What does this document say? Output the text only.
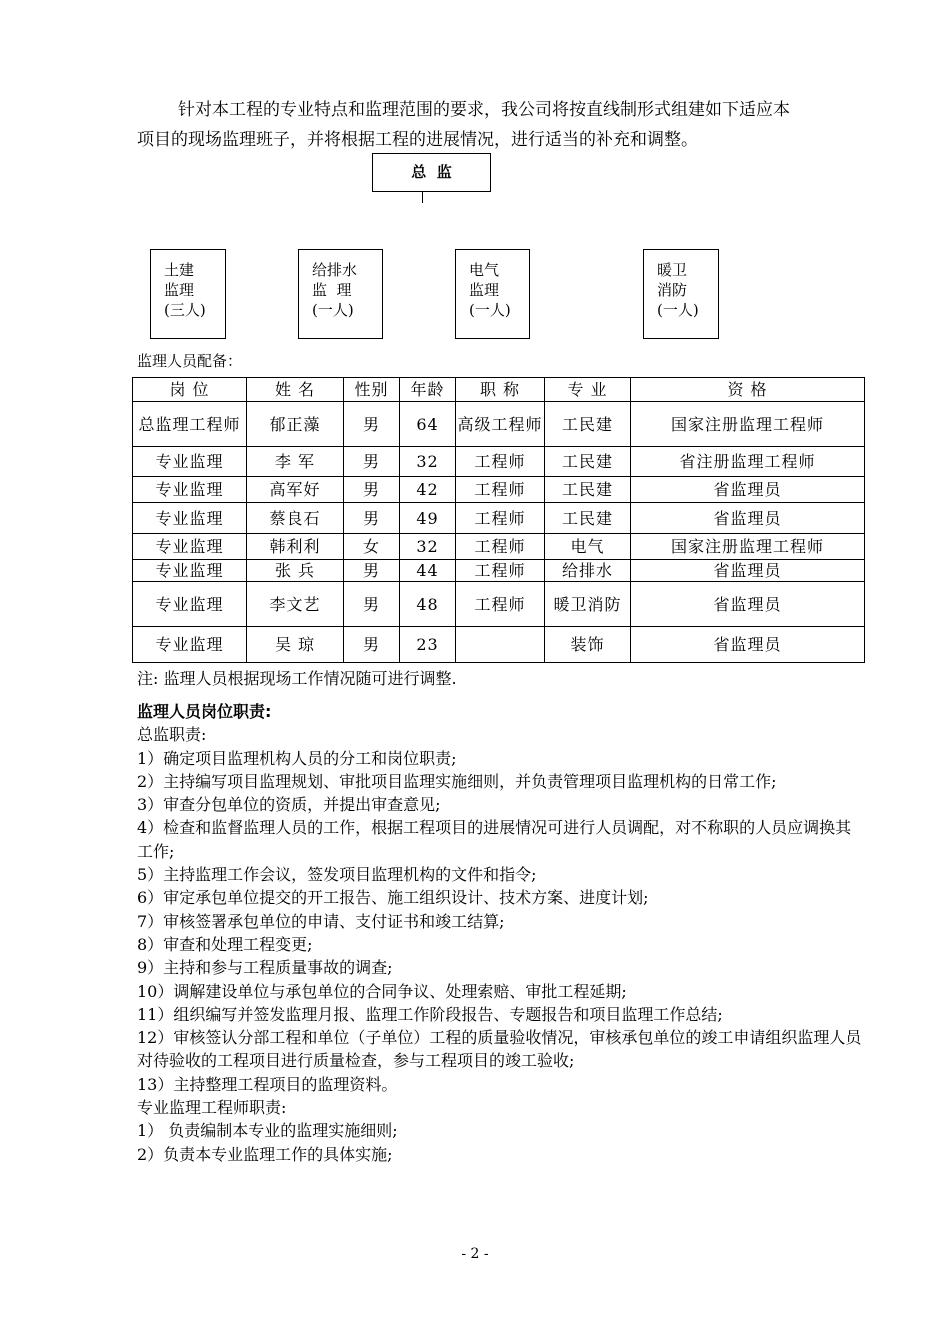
针对本工程的专业特点和监理范围的要求，我公司将按直线制形式组建如下适应本
项目的现场监理班子，并将根据工程的进展情况，进行适当的补充和调整。
总  监
土建
监理
(三人)
给排水
监  理
(一人)
电气
监理
(一人)
暖卫
消防
(一人)
监理人员配备：
岗 位	姓 名	性别	年龄	职 称	专 业	资 格
总监理工程师	郁正藻	男	64	高级工程师	工民建	国家注册监理工程师
专业监理	李 军	男	32	工程师	工民建	省注册监理工程师
专业监理	高军好	男	42	工程师	工民建	省监理员
专业监理	蔡良石	男	49	工程师	工民建	省监理员
专业监理	韩利利	女	32	工程师	电气	国家注册监理工程师
专业监理	张 兵	男	44	工程师	给排水	省监理员
专业监理	李文艺	男	48	工程师	暖卫消防	省监理员
专业监理	吴 琼	男	23		装饰	省监理员
注: 监理人员根据现场工作情况随可进行调整.
监理人员岗位职责:
总监职责:
1）确定项目监理机构人员的分工和岗位职责;
2）主持编写项目监理规划、审批项目监理实施细则，并负责管理项目监理机构的日常工作;
3）审查分包单位的资质，并提出审查意见;
4）检查和监督监理人员的工作，根据工程项目的进展情况可进行人员调配，对不称职的人员应调换其工作;
5）主持监理工作会议，签发项目监理机构的文件和指令;
6）审定承包单位提交的开工报告、施工组织设计、技术方案、进度计划;
7）审核签署承包单位的申请、支付证书和竣工结算;
8）审查和处理工程变更;
9）主持和参与工程质量事故的调查;
10）调解建设单位与承包单位的合同争议、处理索赔、审批工程延期;
11）组织编写并签发监理月报、监理工作阶段报告、专题报告和项目监理工作总结;
12）审核签认分部工程和单位（子单位）工程的质量验收情况，审核承包单位的竣工申请组织监理人员对待验收的工程项目进行质量检查，参与工程项目的竣工验收;
13）主持整理工程项目的监理资料。
专业监理工程师职责:
1） 负责编制本专业的监理实施细则;
2）负责本专业监理工作的具体实施;
- 2 -
